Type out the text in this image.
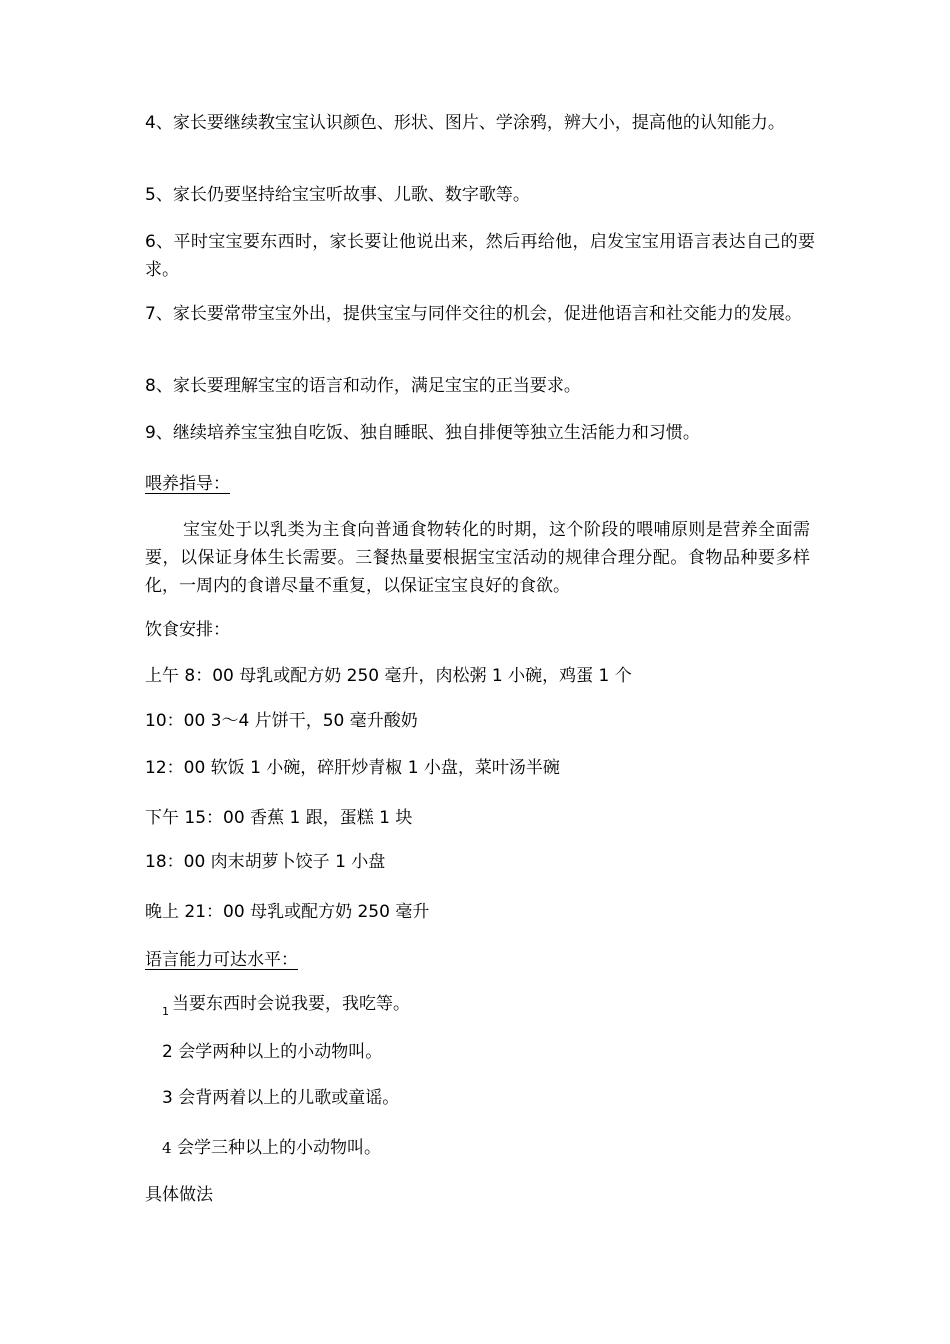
4、家长要继续教宝宝认识颜色、形状、图片、学涂鸦，辨大小，提高他的认知能力。
5、家长仍要坚持给宝宝听故事、儿歌、数字歌等。
6、平时宝宝要东西时，家长要让他说出来，然后再给他，启发宝宝用语言表达自己的要求。
7、家长要常带宝宝外出，提供宝宝与同伴交往的机会，促进他语言和社交能力的发展。
8、家长要理解宝宝的语言和动作，满足宝宝的正当要求。
9、继续培养宝宝独自吃饭、独自睡眠、独自排便等独立生活能力和习惯。
喂养指导：
宝宝处于以乳类为主食向普通食物转化的时期，这个阶段的喂哺原则是营养全面需要，以保证身体生长需要。三餐热量要根据宝宝活动的规律合理分配。食物品种要多样化，一周内的食谱尽量不重复，以保证宝宝良好的食欲。
饮食安排：
上午 8：00 母乳或配方奶 250 毫升，肉松粥 1 小碗，鸡蛋 1 个
10：00 3～4 片饼干，50 毫升酸奶
12：00 软饭 1 小碗，碎肝炒青椒 1 小盘，菜叶汤半碗
下午 15：00 香蕉 1 跟，蛋糕 1 块
18：00 肉末胡萝卜饺子 1 小盘
晚上 21：00 母乳或配方奶 250 毫升
语言能力可达水平：
$_1$ 当要东西时会说我要，我吃等。
2 会学两种以上的小动物叫。
3 会背两着以上的儿歌或童谣。
4 会学三种以上的小动物叫。
具体做法
